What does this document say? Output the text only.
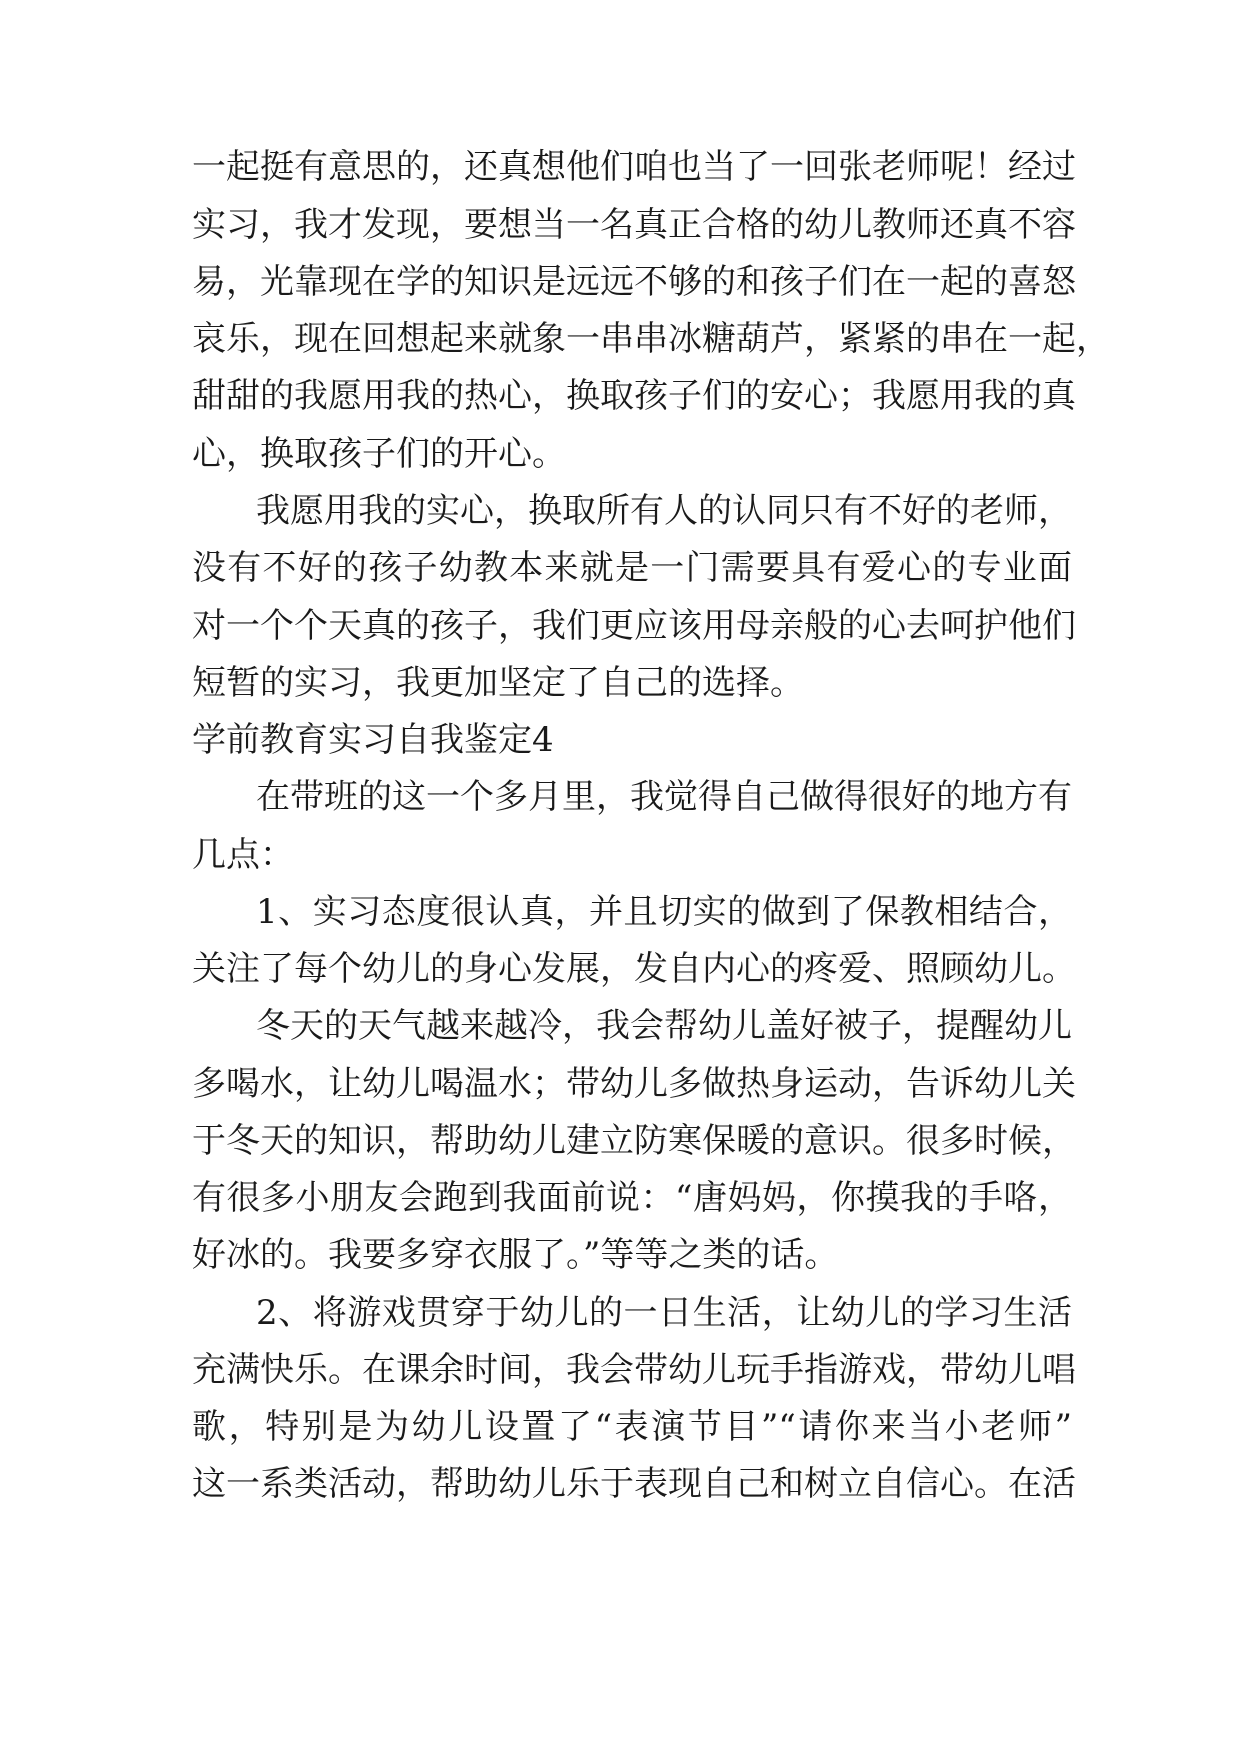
一起挺有意思的，还真想他们咱也当了一回张老师呢！经过
实习，我才发现，要想当一名真正合格的幼儿教师还真不容
易，光靠现在学的知识是远远不够的和孩子们在一起的喜怒
哀乐，现在回想起来就象一串串冰糖葫芦，紧紧的串在一起，
甜甜的我愿用我的热心，换取孩子们的安心；我愿用我的真
心，换取孩子们的开心。
我愿用我的实心，换取所有人的认同只有不好的老师，
没有不好的孩子幼教本来就是一门需要具有爱心的专业面
对一个个天真的孩子，我们更应该用母亲般的心去呵护他们
短暂的实习，我更加坚定了自己的选择。
学前教育实习自我鉴定4
在带班的这一个多月里，我觉得自己做得很好的地方有
几点：
1、实习态度很认真，并且切实的做到了保教相结合，
关注了每个幼儿的身心发展，发自内心的疼爱、照顾幼儿。
冬天的天气越来越冷，我会帮幼儿盖好被子，提醒幼儿
多喝水，让幼儿喝温水；带幼儿多做热身运动，告诉幼儿关
于冬天的知识，帮助幼儿建立防寒保暖的意识。很多时候，
有很多小朋友会跑到我面前说：“唐妈妈，你摸我的手咯，
好冰的。我要多穿衣服了。”等等之类的话。
2、将游戏贯穿于幼儿的一日生活，让幼儿的学习生活
充满快乐。在课余时间，我会带幼儿玩手指游戏，带幼儿唱
歌，特别是为幼儿设置了“表演节目”“请你来当小老师”
这一系类活动，帮助幼儿乐于表现自己和树立自信心。在活
